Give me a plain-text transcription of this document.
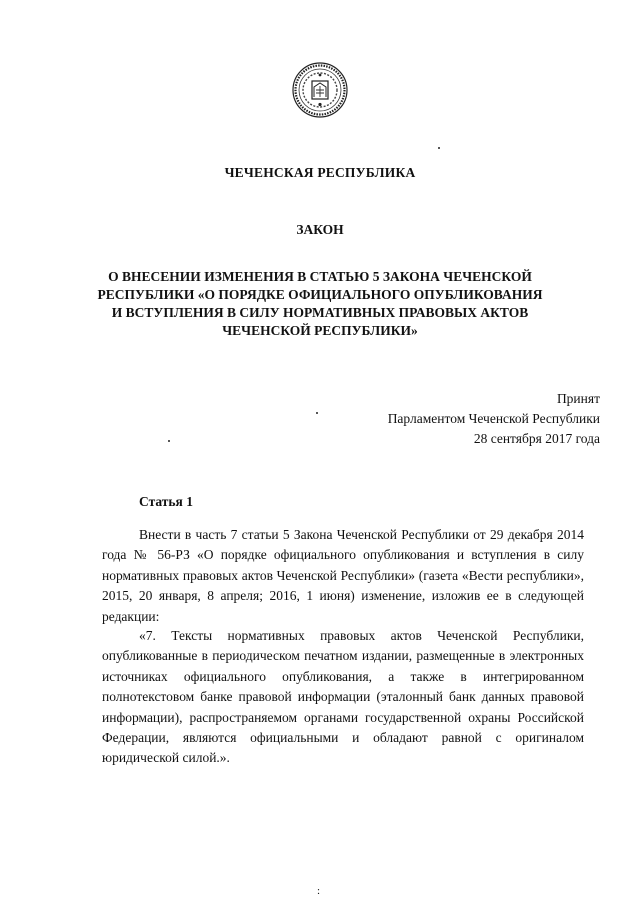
ЧЕЧЕНСКАЯ РЕСПУБЛИКА
ЗАКОН
О ВНЕСЕНИИ ИЗМЕНЕНИЯ В СТАТЬЮ 5 ЗАКОНА ЧЕЧЕНСКОЙ
РЕСПУБЛИКИ «О ПОРЯДКЕ ОФИЦИАЛЬНОГО ОПУБЛИКОВАНИЯ
И ВСТУПЛЕНИЯ В СИЛУ НОРМАТИВНЫХ ПРАВОВЫХ АКТОВ
ЧЕЧЕНСКОЙ РЕСПУБЛИКИ»
Принят
Парламентом Чеченской Республики
28 сентября 2017 года
Статья 1
Внести в часть 7 статьи 5 Закона Чеченской Республики от 29 декабря 2014 года № 56-РЗ «О порядке официального опубликования и вступления в силу нормативных правовых актов Чеченской Республики» (газета «Вести республики», 2015, 20 января, 8 апреля; 2016, 1 июня) изменение, изложив ее в следующей редакции:
«7. Тексты нормативных правовых актов Чеченской Республики, опубликованные в периодическом печатном издании, размещенные в электронных источниках официального опубликования, а также в интегрированном полнотекстовом банке правовой информации (эталонный банк данных правовой информации), распространяемом органами государственной охраны Российской Федерации, являются официальными и обладают равной с оригиналом юридической силой.».
:
